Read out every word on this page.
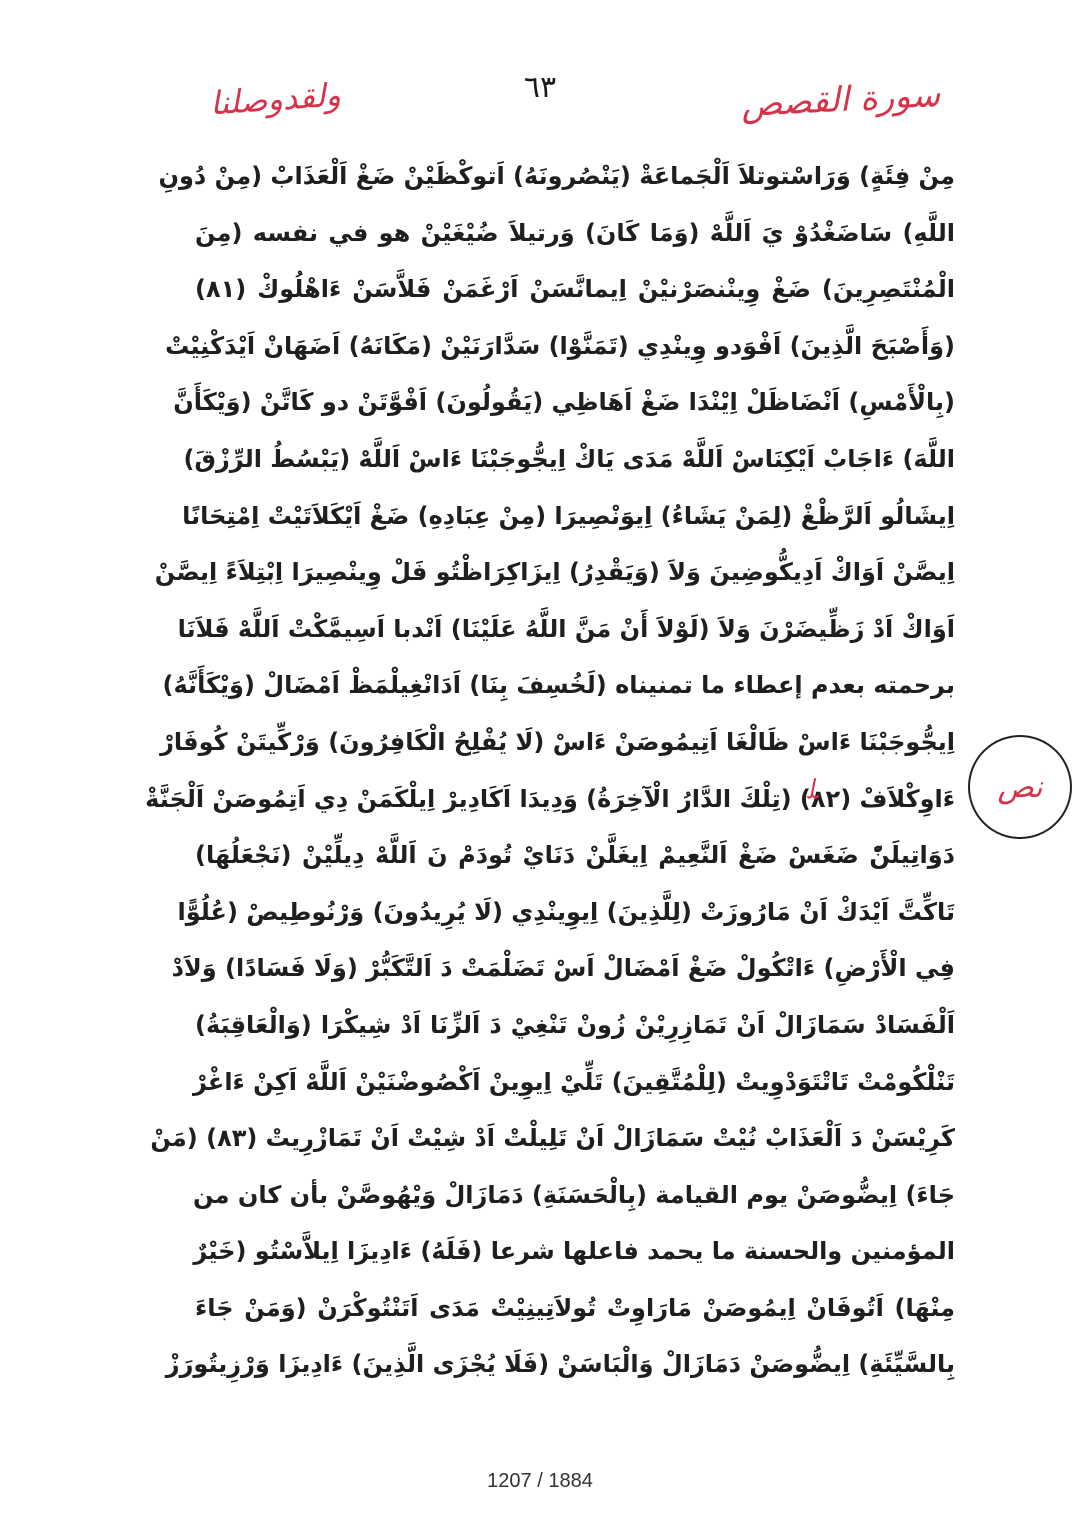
٦٣	سورة القصص
ولقدوصلنا
مِنْ فِئَةٍ) وَرَاسْتوتلاَ اَلْجَماعَةْ (يَنْصُرونَهُ) اَتوكْظَيْنْ ضَغْ اَلْعَذَابْ (مِنْ دُونِ
اللَّهِ) سَاضَغْدُوْ يَ اَللَّهْ (وَمَا كَانَ) وَرتيلاَ ضُيْغَيْنْ هو في نفسه (مِنَ
الْمُنْتَصِرِينَ) ضَغْ وِينْنصَرْنيْنْ اِيمانَّسَنْ اَرْغَمَنْ فَلاَّسَنْ ءَاهْلُوكْ (٨١)
(وَأَصْبَحَ الَّذِينَ) اَفْوَدو وِينْدِي (تَمَنَّوْا) سَدَّارَنَيْنْ (مَكَانَهُ) اَضَهَانْ اَيْدَكْنِيْتْ
(بِالْأَمْسِ) اَنْضَاظَلْ اِيْنْدَا ضَغْ اَهَاظِي (يَقُولُونَ) اَفْوَّتَنْ دو كَاتَّنْ (وَيْكَأَنَّ
اللَّهَ) ءَاجَابْ اَيْكِنَاسْ اَللَّهْ مَدَى يَاكْ اِيجُّوجَبْنَا ءَاسْ اَللَّهْ (يَبْسُطُ الرِّزْقَ)
اِيشَالُو اَلرَّظْغْ (لِمَنْ يَشَاءُ) اِيوَنْصِيرَا (مِنْ عِبَادِهِ) ضَغْ اَيْكَلاَتَيْتْ اِمْتِحَانًا
اِيصَّنْ اَوَاكْ اَدِيكُّوضِينَ وَلاَ (وَيَقْدِرُ) اِيزَاكِرَاظْتُو فَلْ وِينْصِيرَا اِبْتِلاَءً اِيصَّنْ
اَوَاكْ اَدْ زَظِّيضَرْنَ وَلاَ (لَوْلاَ أَنْ مَنَّ اللَّهُ عَلَيْنَا) اَنْدبا اَسِيمَّكْتْ اَللَّهْ فَلاَنَا
برحمته بعدم إعطاء ما تمنيناه (لَخُسِفَ بِنَا) اَدَانْغِيلْمَظْ اَمْضَالْ (وَيْكَأَنَّهُ)
اِيجُّوجَبْنَا ءَاسْ ظَالْغَا اَتِيمُوصَنْ ءَاسْ (لَا يُفْلِحُ الْكَافِرُونَ) وَرْكِّيتَنْ كُوفَارْ
ءَاوِكْلاَفْ (٨٢) (تِلْكَ الدَّارُ الْآخِرَةُ) وَدِيدَا اَكَادِيرْ اِيلْكَمَنْ دِي اَتِمُوصَنْ اَلْجَنَّةْ
دَوَاتِيلَنّْ ضَغَسْ ضَغْ اَلنَّعِيمْ اِيغَلَّنْ دَنَايْ تُودَمْ نَ اَللَّهْ دِيلِّيْنْ (نَجْعَلُهَا)
تَاكِّتَّ اَيْدَكْ اَنْ مَارُوزَتْ (لِلَّذِينَ) اِيوِينْدِي (لَا يُرِيدُونَ) وَرْنُوطِيصْ (عُلُوًّا
فِي الْأَرْضِ) ءَاتْكُولْ ضَغْ اَمْضَالْ اَسْ تَضَلْمَتْ دَ اَلتَّكَبُّرْ (وَلَا فَسَادًا) وَلاَدْ
اَلْفَسَادْ سَمَازَالْ اَنْ تَمَازِرِيْنْ زُونْ تَنْغِيْ دَ اَلزِّنَا اَدْ شِيكْرَا (وَالْعَاقِبَةُ)
تَنْلْكُومْتْ تَاتْتَوَدْوِيتْ (لِلْمُتَّقِينَ) تَلِّيْ اِيوِينْ اَكْصُوضْنَيْنْ اَللَّهْ اَكِنْ ءَاغْرْ
كَرِيْسَنْ دَ اَلْعَذَابْ نُيْتْ سَمَازَالْ اَنْ تَلِيلْتْ اَدْ شِيْتْ اَنْ تَمَازْرِيتْ (٨٣) (مَنْ
جَاءَ) اِيضُّوصَنْ يوم القيامة (بِالْحَسَنَةِ) دَمَازَالْ وَيْهُوصَّنْ بأن كان من
المؤمنين والحسنة ما يحمد فاعلها شرعا (فَلَهُ) ءَادِيزَا اِيلاَّسْتُو (خَيْرٌ
مِنْهَا) اَتُوفَانْ اِيمُوصَنْ مَارَاوِتْ تُولاَتِينِيْتْ مَدَى اَتَنْتُوكْرَنْ (وَمَنْ جَاءَ
بِالسَّيِّئَةِ) اِيضُّوصَنْ دَمَازَالْ وَالْبَاسَنْ (فَلَا يُجْزَى الَّذِينَ) ءَادِيزَا وَرْزِيتُورَزْ
نص
1207 / 1884
